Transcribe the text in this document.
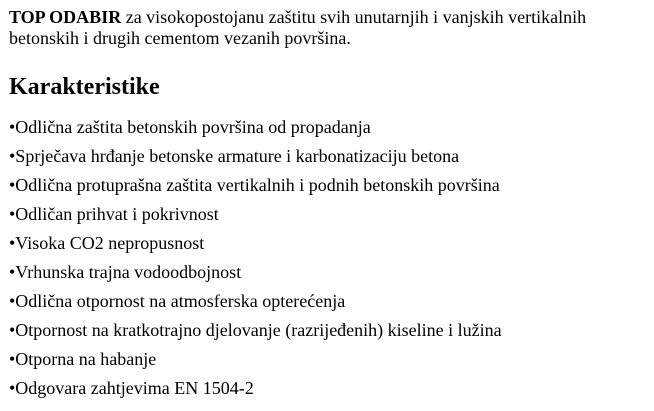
TOP ODABIR za visokopostojanu zaštitu svih unutarnjih i vanjskih vertikalnih betonskih i drugih cementom vezanih površina.

Karakteristike
•Odlična zaštita betonskih površina od propadanja
•Sprječava hrđanje betonske armature i karbonatizaciju betona
•Odlična protuprašna zaštita vertikalnih i podnih betonskih površina
•Odličan prihvat i pokrivnost
•Visoka CO2 nepropusnost
•Vrhunska trajna vodoodbojnost
•Odlična otpornost na atmosferska opterećenja
•Otpornost na kratkotrajno djelovanje (razrijeđenih) kiseline i lužina
•Otporna na habanje
•Odgovara zahtjevima EN 1504-2
